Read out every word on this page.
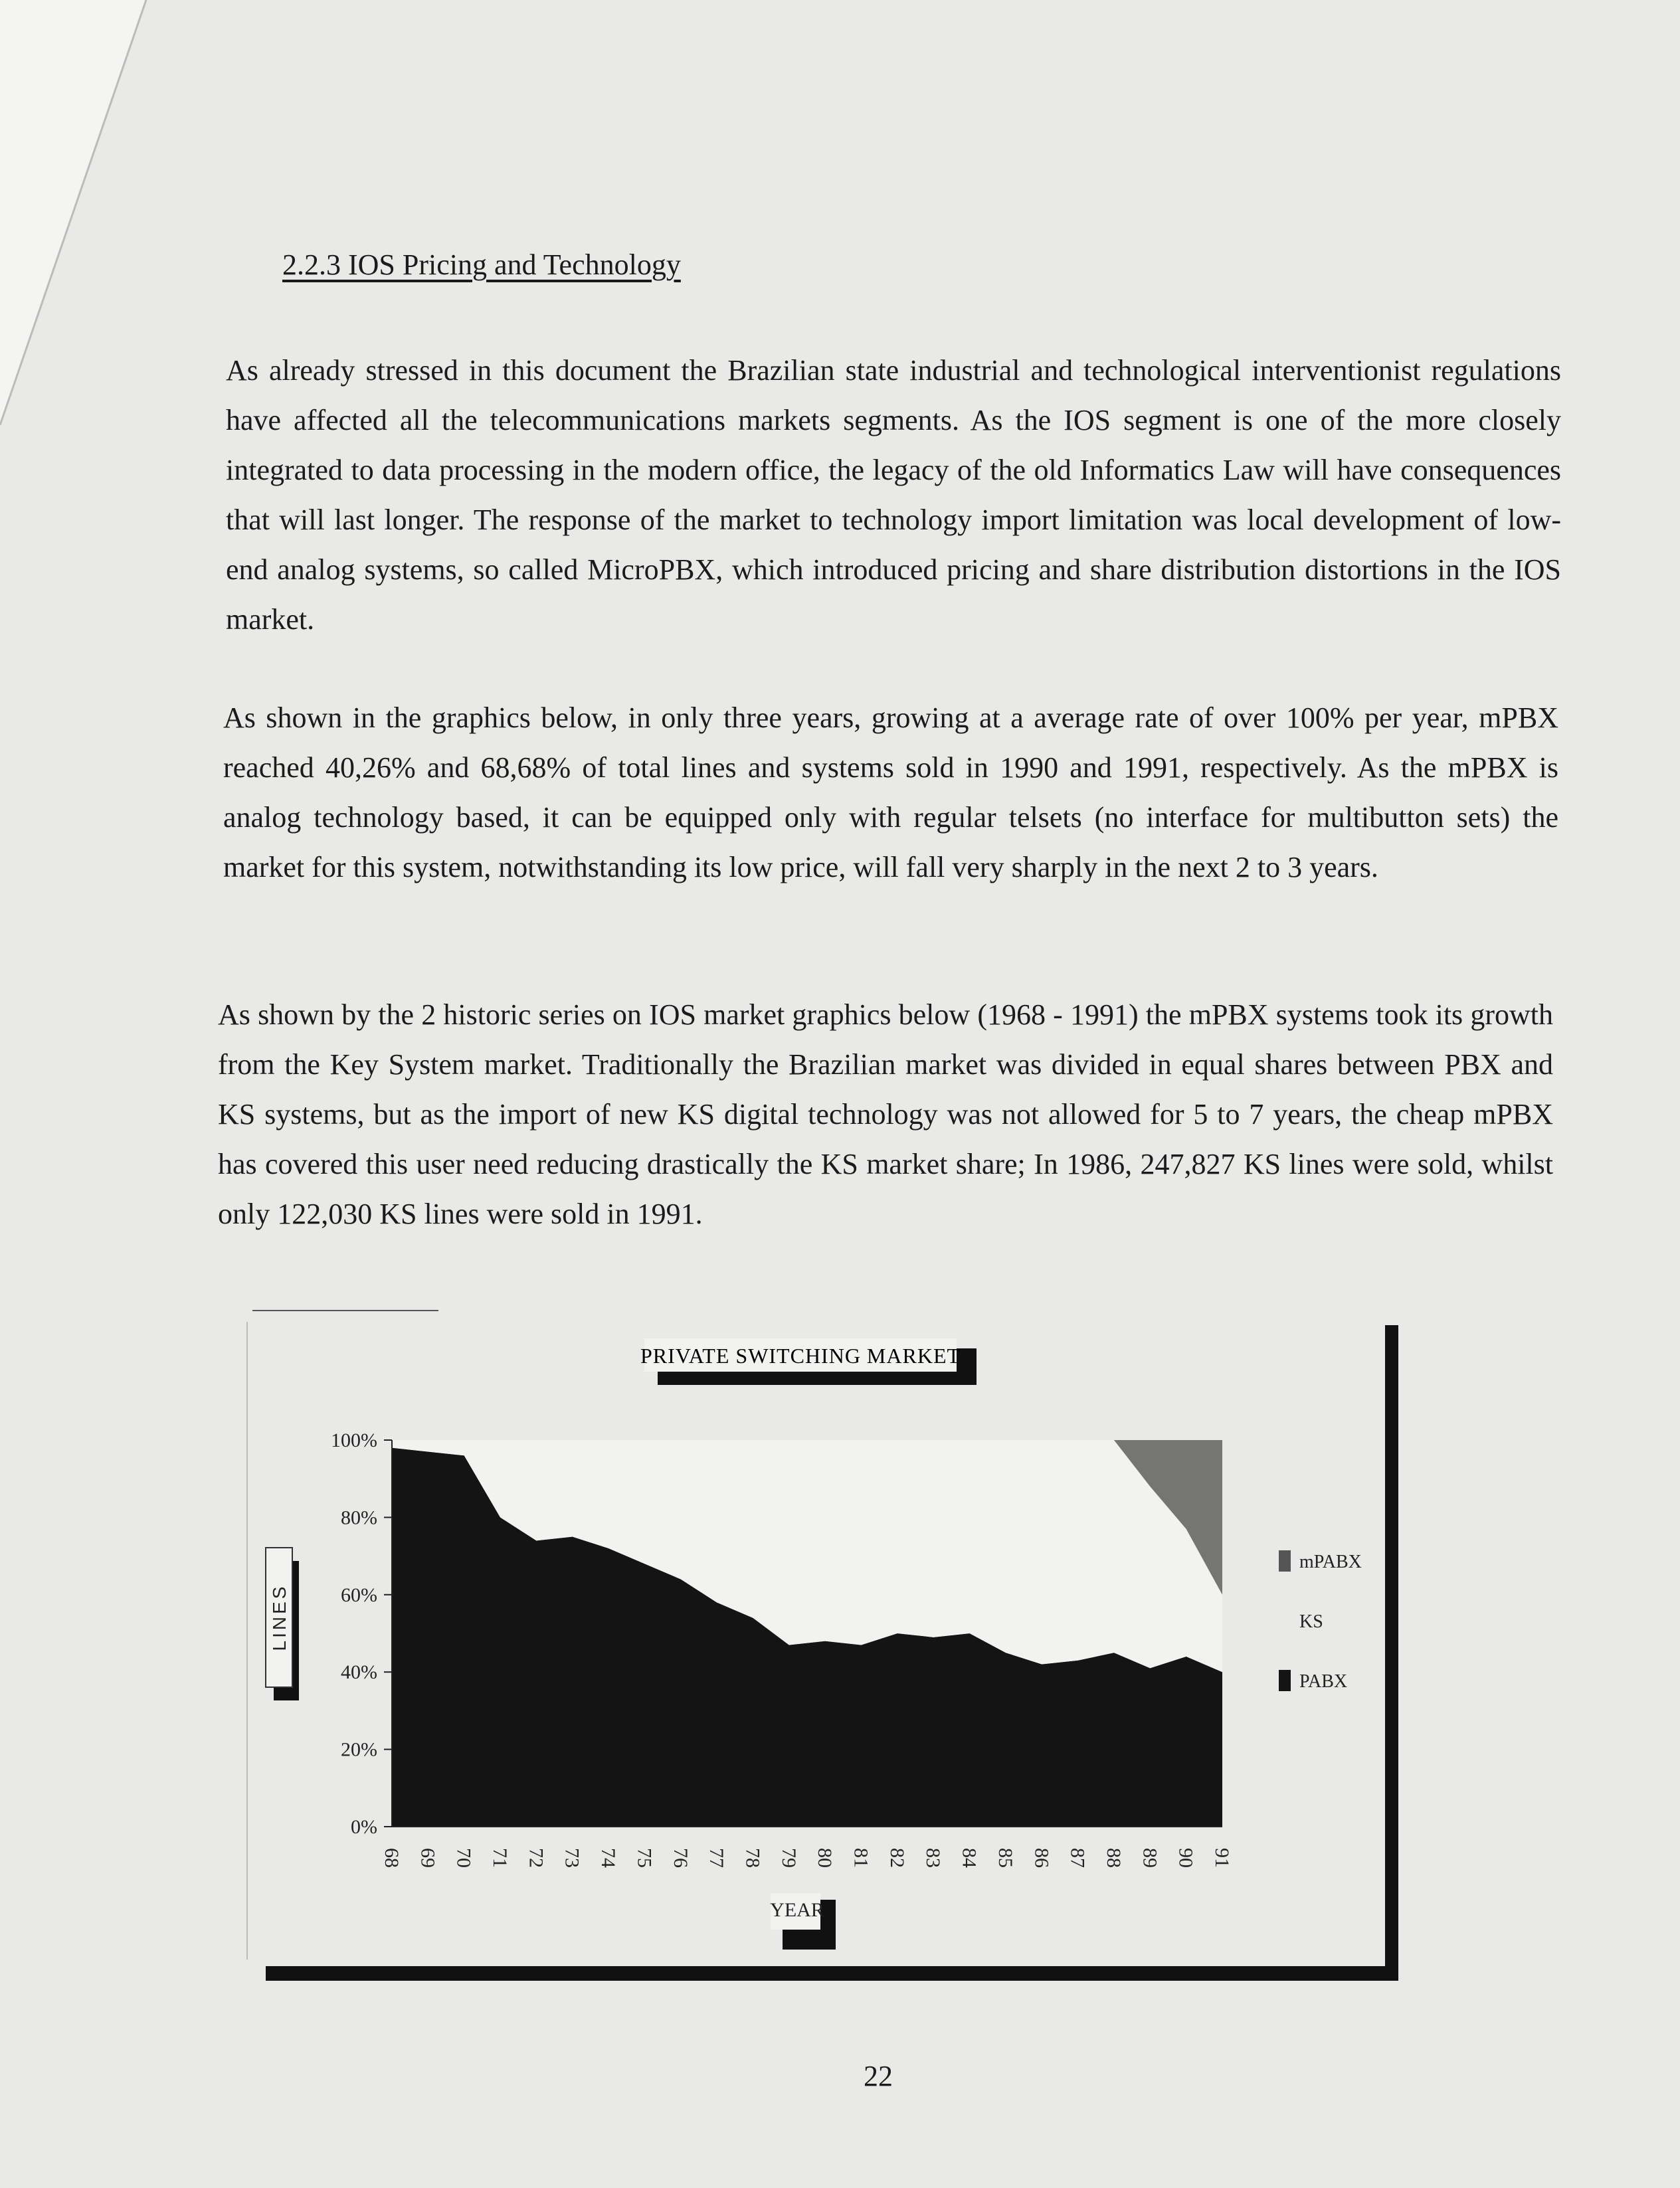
2.2.3 IOS Pricing and Technology

As already stressed in this document the Brazilian state industrial and technological interventionist regulations have affected all the telecommunications markets segments. As the IOS segment is one of the more closely integrated to data processing in the modern office, the legacy of the old Informatics Law will have consequences that will last longer. The response of the market to technology import limitation was local development of low-end analog systems, so called MicroPBX, which introduced pricing and share distribution distortions in the IOS market.

As shown in the graphics below, in only three years, growing at a average rate of over 100% per year, mPBX reached 40,26% and 68,68% of total lines and systems sold in 1990 and 1991, respectively. As the mPBX is analog technology based, it can be equipped only with regular telsets (no interface for multibutton sets) the market for this system, notwithstanding its low price, will fall very sharply in the next 2 to 3 years.

As shown by the 2 historic series on IOS market graphics below (1968 - 1991) the mPBX systems took its growth from the Key System market. Traditionally the Brazilian market was divided in equal shares between PBX and KS systems, but as the import of new KS digital technology was not allowed for 5 to 7 years, the cheap mPBX has covered this user need reducing drastically the KS market share; In 1986, 247,827 KS lines were sold, whilst only 122,030 KS lines were sold in 1991.

PRIVATE SWITCHING MARKET
LINES
YEAR
0%
20%
40%
60%
80%
100%
68 69 70 71 72 73 74 75 76 77 78 79 80 81 82 83 84 85 86 87 88 89 90 91
mPABX
KS
PABX
22
